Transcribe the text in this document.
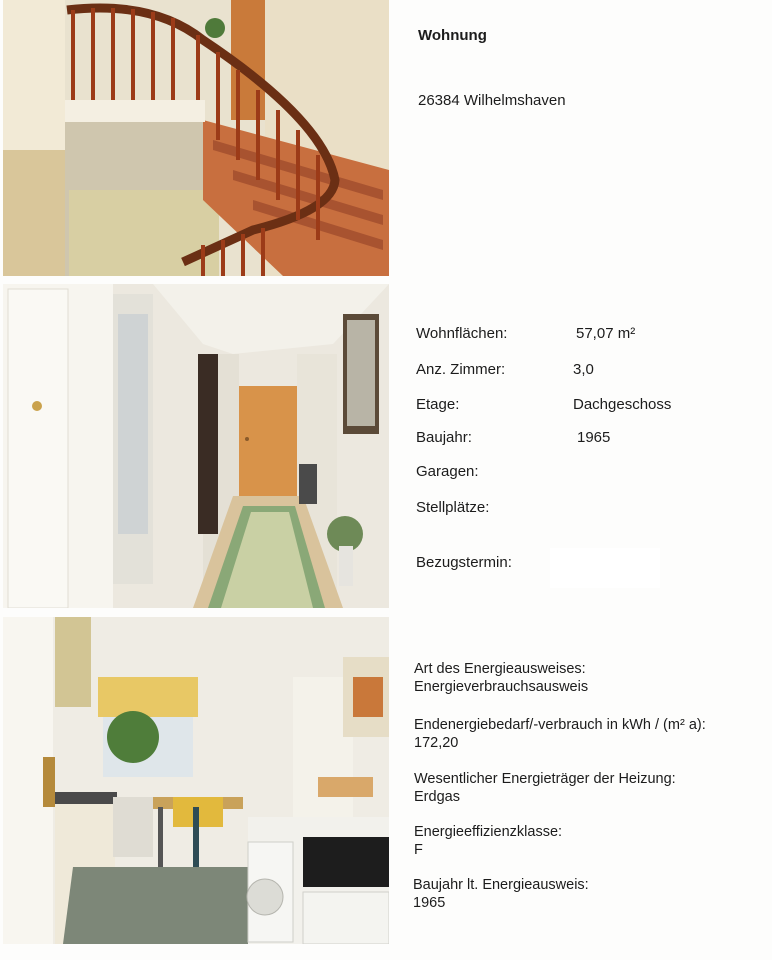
Wohnung
26384 Wilhelmshaven
Wohnflächen:	57,07 m²
Anz. Zimmer:	3,0
Etage:	Dachgeschoss
Baujahr:	1965
Garagen:
Stellplätze:
Bezugstermin:
Art des Energieausweises:
Energieverbrauchsausweis
Endenergiebedarf/-verbrauch in kWh / (m² a):
172,20
Wesentlicher Energieträger der Heizung:
Erdgas
Energieeffizienzklasse:
F
Baujahr lt. Energieausweis:
1965
